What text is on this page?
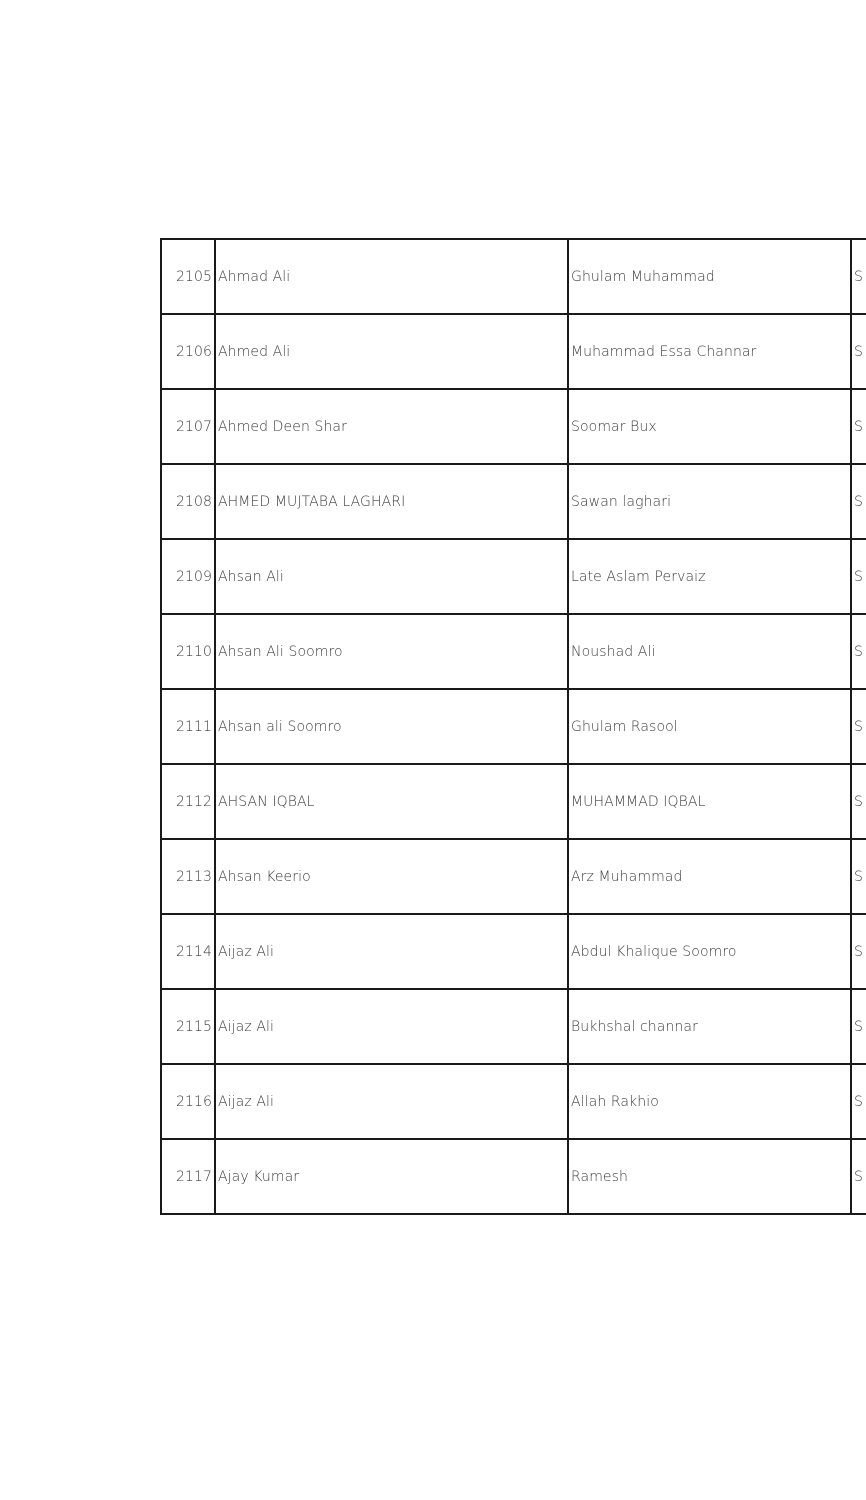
2105	Ahmad Ali	Ghulam Muhammad	S
2106	Ahmed Ali	Muhammad Essa Channar	S
2107	Ahmed Deen Shar	Soomar Bux	S
2108	AHMED MUJTABA LAGHARI	Sawan laghari	S
2109	Ahsan Ali	Late Aslam Pervaiz	S
2110	Ahsan Ali Soomro	Noushad Ali	S
2111	Ahsan ali Soomro	Ghulam Rasool	S
2112	AHSAN IQBAL	MUHAMMAD IQBAL	S
2113	Ahsan Keerio	Arz Muhammad	S
2114	Aijaz Ali	Abdul Khalique Soomro	S
2115	Aijaz Ali	Bukhshal channar	S
2116	Aijaz Ali	Allah Rakhio	S
2117	Ajay Kumar	Ramesh	S
